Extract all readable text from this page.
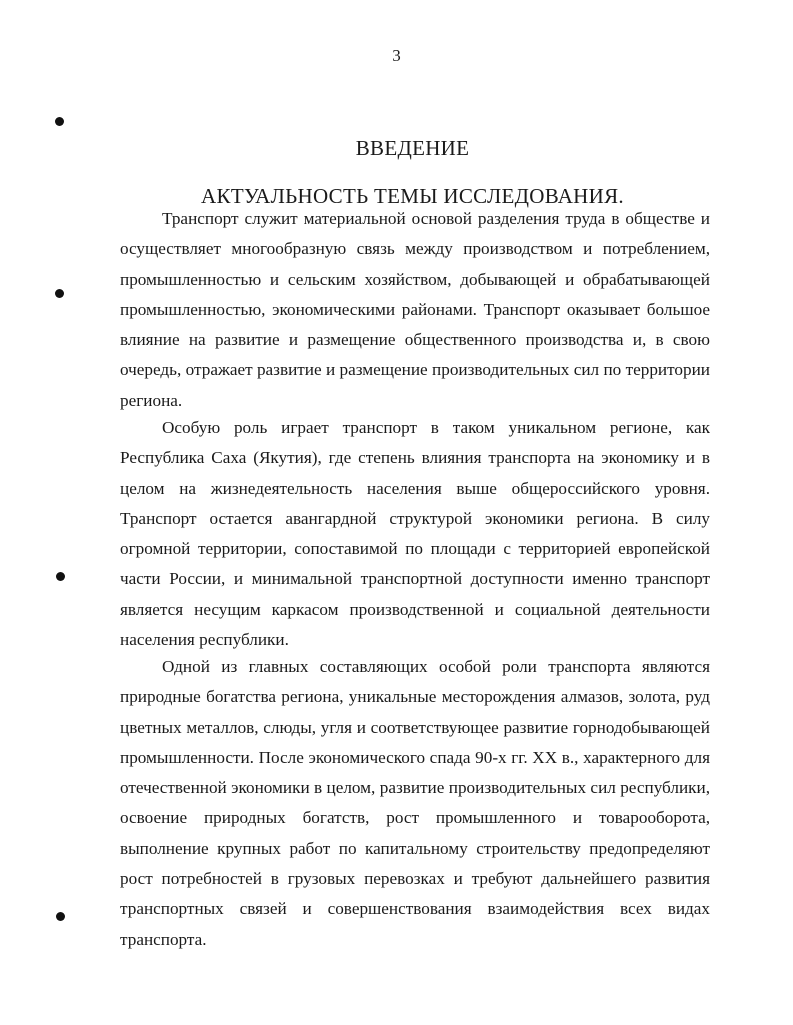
3
ВВЕДЕНИЕ
АКТУАЛЬНОСТЬ ТЕМЫ ИССЛЕДОВАНИЯ.

Транспорт служит материальной основой разделения труда в обществе и осуществляет многообразную связь между производством и потреблением, промышленностью и сельским хозяйством, добывающей и обрабатывающей промышленностью, экономическими районами. Транспорт оказывает большое влияние на развитие и размещение общественного производства и, в свою очередь, отражает развитие и размещение производительных сил по территории региона.

Особую роль играет транспорт в таком уникальном регионе, как Республика Саха (Якутия), где степень влияния транспорта на экономику и в целом на жизнедеятельность населения выше общероссийского уровня. Транспорт остается авангардной структурой экономики региона. В силу огромной территории, сопоставимой по площади с территорией европейской части России, и минимальной транспортной доступности именно транспорт является несущим каркасом производственной и социальной деятельности населения республики.

Одной из главных составляющих особой роли транспорта являются природные богатства региона, уникальные месторождения алмазов, золота, руд цветных металлов, слюды, угля и соответствующее развитие горнодобывающей промышленности. После экономического спада 90-х гг. XX в., характерного для отечественной экономики в целом, развитие производительных сил республики, освоение природных богатств, рост промышленного и товарооборота, выполнение крупных работ по капитальному строительству предопределяют рост потребностей в грузовых перевозках и требуют дальнейшего развития транспортных связей и совершенствования взаимодействия всех видах транспорта.
